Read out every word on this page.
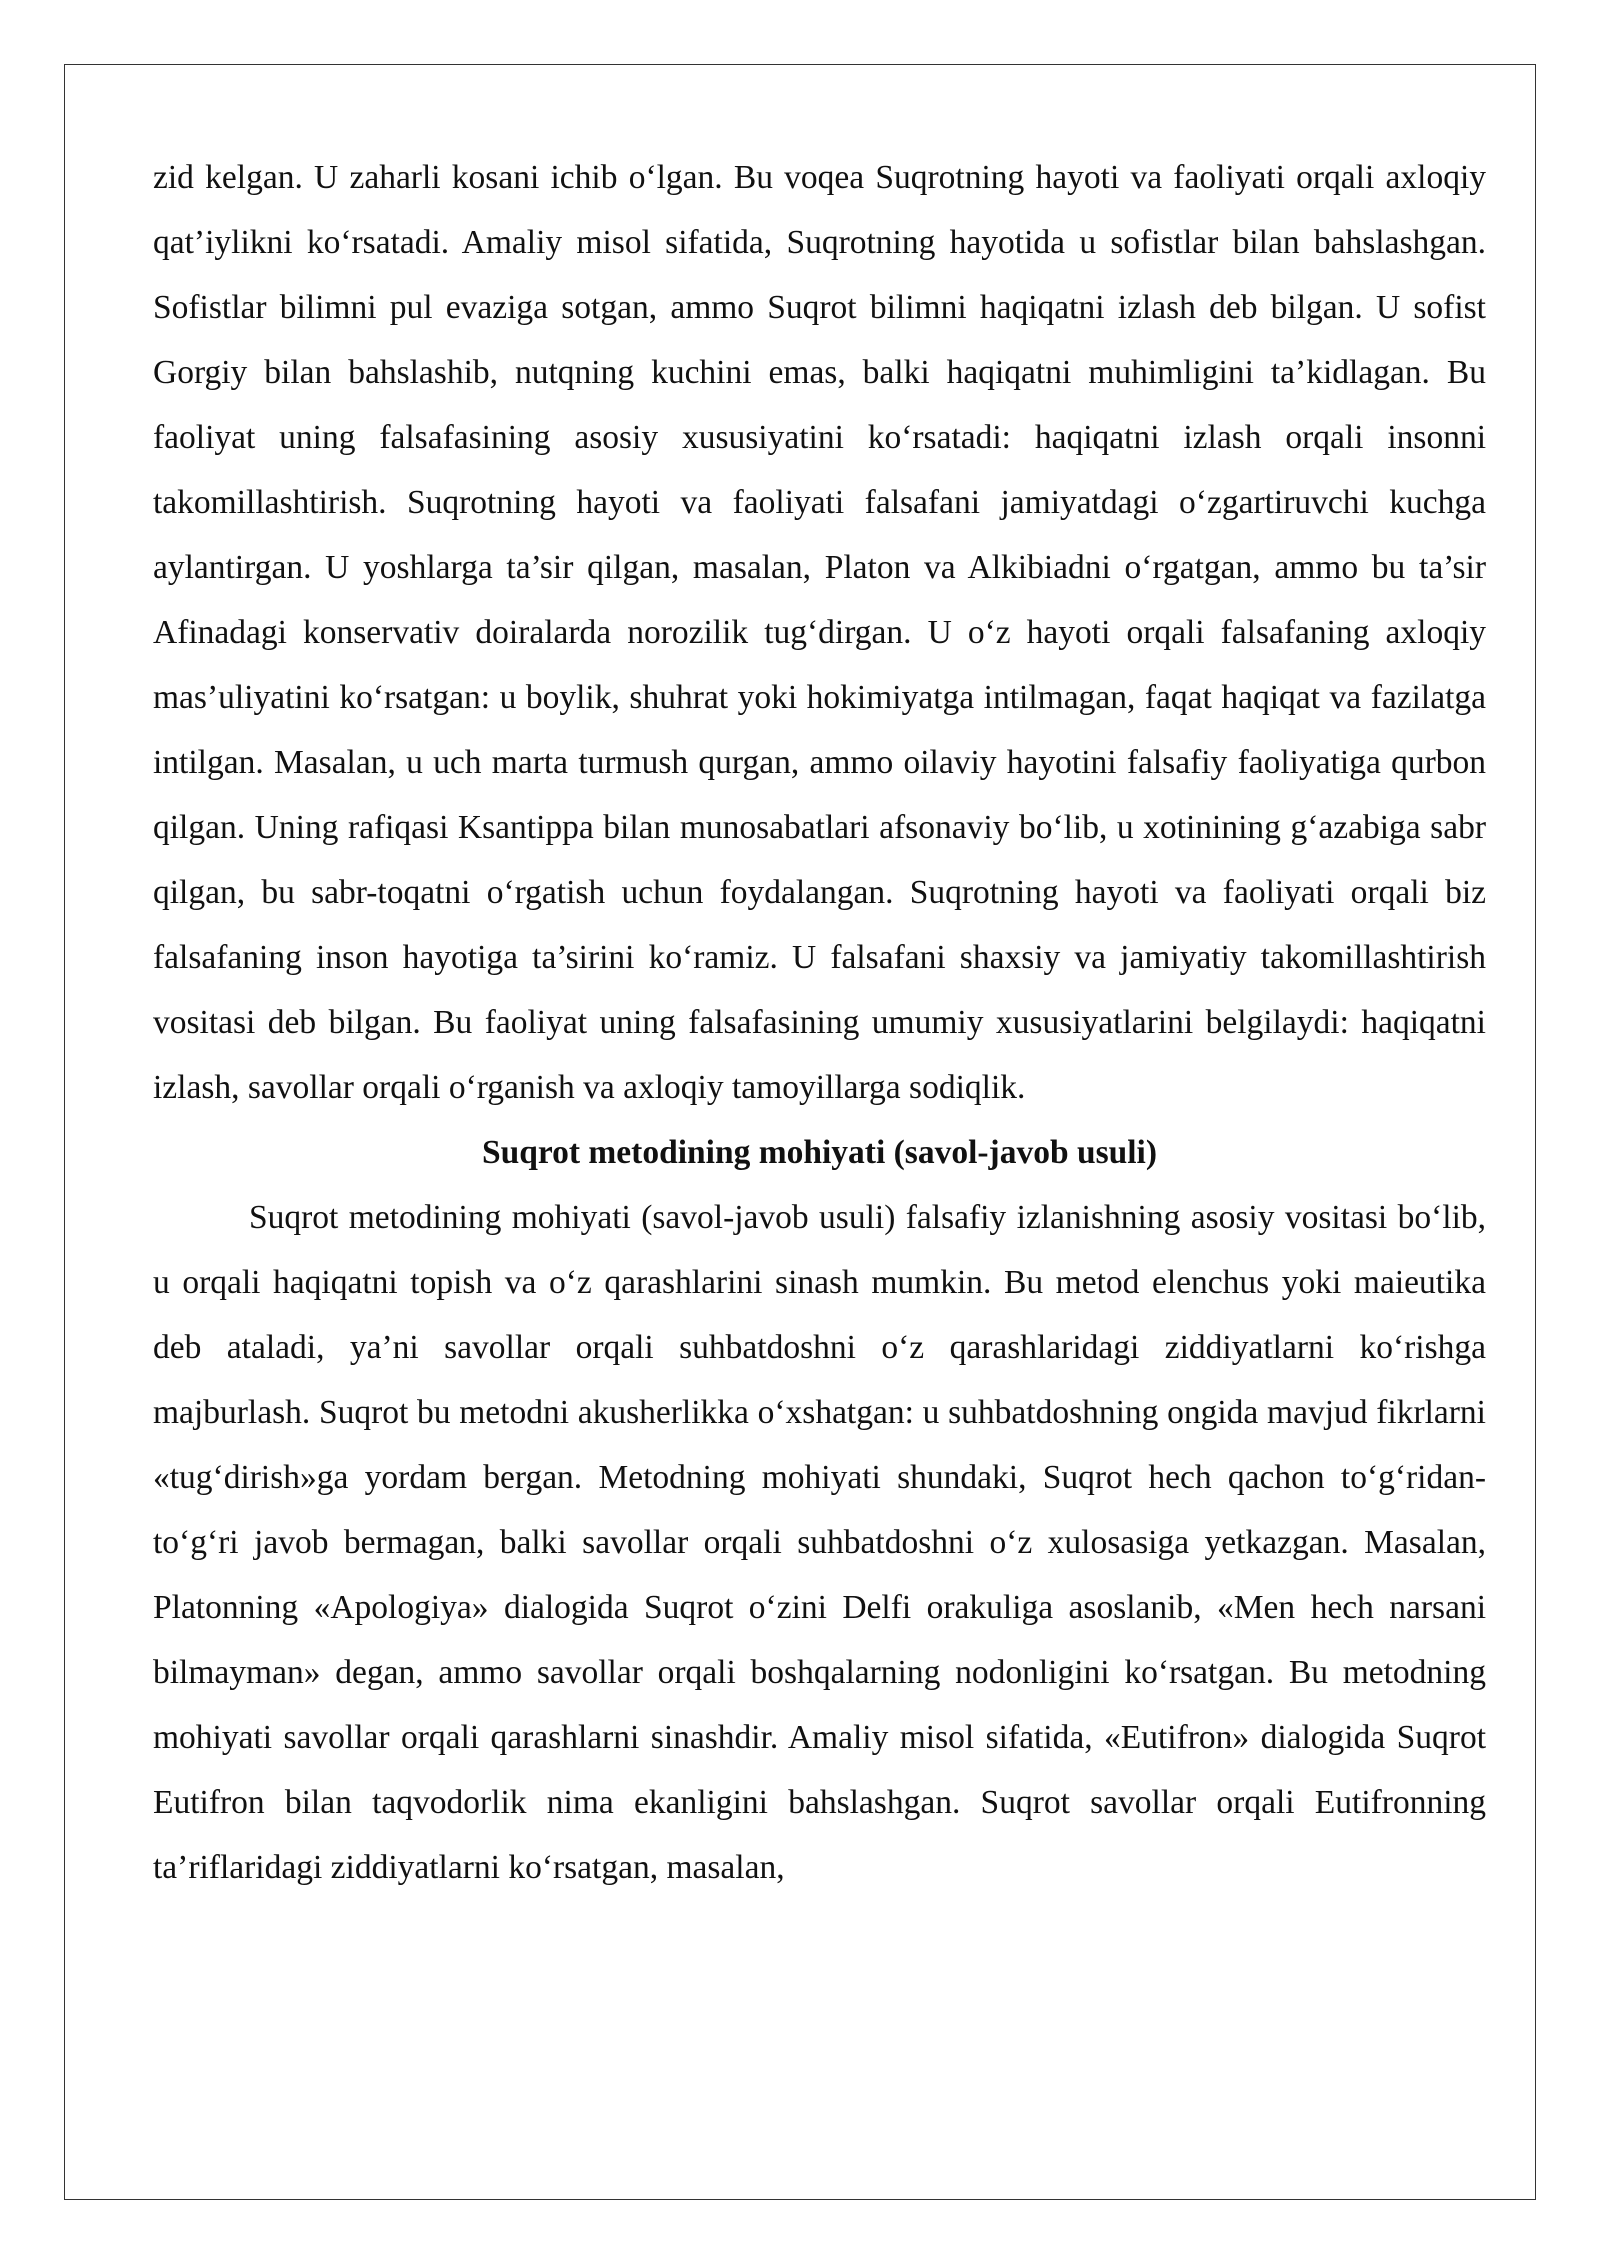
zid kelgan. U zaharli kosani ichib o‘lgan. Bu voqea Suqrotning hayoti va faoliyati orqali axloqiy qat’iylikni ko‘rsatadi. Amaliy misol sifatida, Suqrotning hayotida u sofistlar bilan bahslashgan. Sofistlar bilimni pul evaziga sotgan, ammo Suqrot bilimni haqiqatni izlash deb bilgan. U sofist Gorgiy bilan bahslashib, nutqning kuchini emas, balki haqiqatni muhimligini ta’kidlagan. Bu faoliyat uning falsafasining asosiy xususiyatini ko‘rsatadi: haqiqatni izlash orqali insonni takomillashtirish. Suqrotning hayoti va faoliyati falsafani jamiyatdagi o‘zgartiruvchi kuchga aylantirgan. U yoshlarga ta’sir qilgan, masalan, Platon va Alkibiadni o‘rgatgan, ammo bu ta’sir Afinadagi konservativ doiralarda norozilik tug‘dirgan. U o‘z hayoti orqali falsafaning axloqiy mas’uliyatini ko‘rsatgan: u boylik, shuhrat yoki hokimiyatga intilmagan, faqat haqiqat va fazilatga intilgan. Masalan, u uch marta turmush qurgan, ammo oilaviy hayotini falsafiy faoliyatiga qurbon qilgan. Uning rafiqasi Ksantippa bilan munosabatlari afsonaviy bo‘lib, u xotinining g‘azabiga sabr qilgan, bu sabr-toqatni o‘rgatish uchun foydalangan. Suqrotning hayoti va faoliyati orqali biz falsafaning inson hayotiga ta’sirini ko‘ramiz. U falsafani shaxsiy va jamiyatiy takomillashtirish vositasi deb bilgan. Bu faoliyat uning falsafasining umumiy xususiyatlarini belgilaydi: haqiqatni izlash, savollar orqali o‘rganish va axloqiy tamoyillarga sodiqlik.

Suqrot metodining mohiyati (savol-javob usuli)

Suqrot metodining mohiyati (savol-javob usuli) falsafiy izlanishning asosiy vositasi bo‘lib, u orqali haqiqatni topish va o‘z qarashlarini sinash mumkin. Bu metod elenchus yoki maieutika deb ataladi, ya’ni savollar orqali suhbatdoshni o‘z qarashlaridagi ziddiyatlarni ko‘rishga majburlash. Suqrot bu metodni akusherlikka o‘xshatgan: u suhbatdoshning ongida mavjud fikrlarni «tug‘dirish»ga yordam bergan. Metodning mohiyati shundaki, Suqrot hech qachon to‘g‘ridan-to‘g‘ri javob bermagan, balki savollar orqali suhbatdoshni o‘z xulosasiga yetkazgan. Masalan, Platonning «Apologiya» dialogida Suqrot o‘zini Delfi orakuliga asoslanib, «Men hech narsani bilmayman» degan, ammo savollar orqali boshqalarning nodonligini ko‘rsatgan. Bu metodning mohiyati savollar orqali qarashlarni sinashdir. Amaliy misol sifatida, «Eutifron» dialogida Suqrot Eutifron bilan taqvodorlik nima ekanligini bahslashgan. Suqrot savollar orqali Eutifronning ta’riflaridagi ziddiyatlarni ko‘rsatgan, masalan,
